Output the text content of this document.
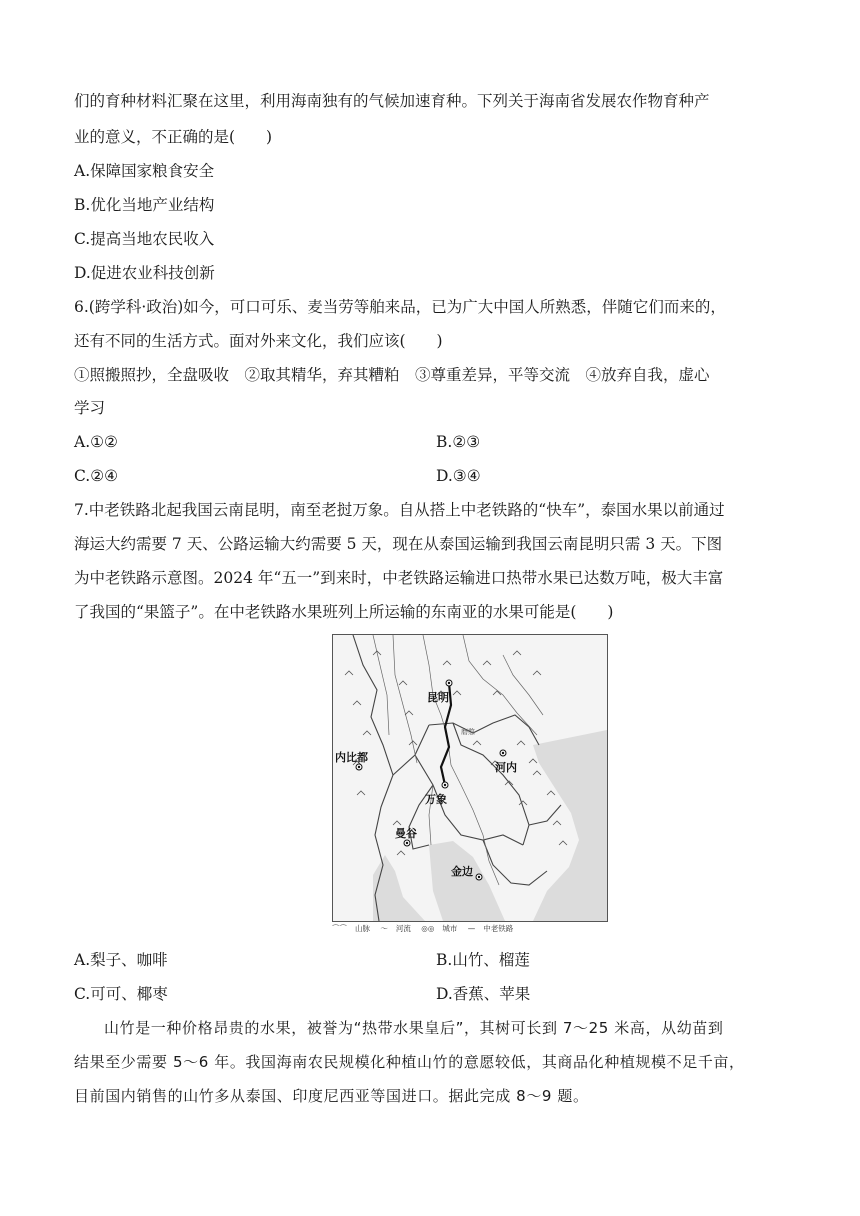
们的育种材料汇聚在这里，利用海南独有的气候加速育种。下列关于海南省发展农作物育种产
业的意义，不正确的是(　　)
A.保障国家粮食安全
B.优化当地产业结构
C.提高当地农民收入
D.促进农业科技创新
6.(跨学科·政治)如今，可口可乐、麦当劳等舶来品，已为广大中国人所熟悉，伴随它们而来的，
还有不同的生活方式。面对外来文化，我们应该(　　)
①照搬照抄，全盘吸收　②取其精华，弃其糟粕　③尊重差异，平等交流　④放弃自我，虚心
学习
A.①②	B.②③
C.②④	D.③④
7.中老铁路北起我国云南昆明，南至老挝万象。自从搭上中老铁路的“快车”，泰国水果以前通过
海运大约需要 7 天、公路运输大约需要 5 天，现在从泰国运输到我国云南昆明只需 3 天。下图
为中老铁路示意图。2024 年“五一”到来时，中老铁路运输进口热带水果已达数万吨，极大丰富
了我国的“果篮子”。在中老铁路水果班列上所运输的东南亚的水果可能是(　　)
昆明
河内
内比都
万象
曼谷
金边
磨憨
⌒⌒ 山脉 〜 河流 ◎◎ 城市 — 中老铁路
A.梨子、咖啡	B.山竹、榴莲
C.可可、椰枣	D.香蕉、苹果
山竹是一种价格昂贵的水果，被誉为“热带水果皇后”，其树可长到 7～25 米高，从幼苗到
结果至少需要 5～6 年。我国海南农民规模化种植山竹的意愿较低，其商品化种植规模不足千亩，
目前国内销售的山竹多从泰国、印度尼西亚等国进口。据此完成 8～9 题。
